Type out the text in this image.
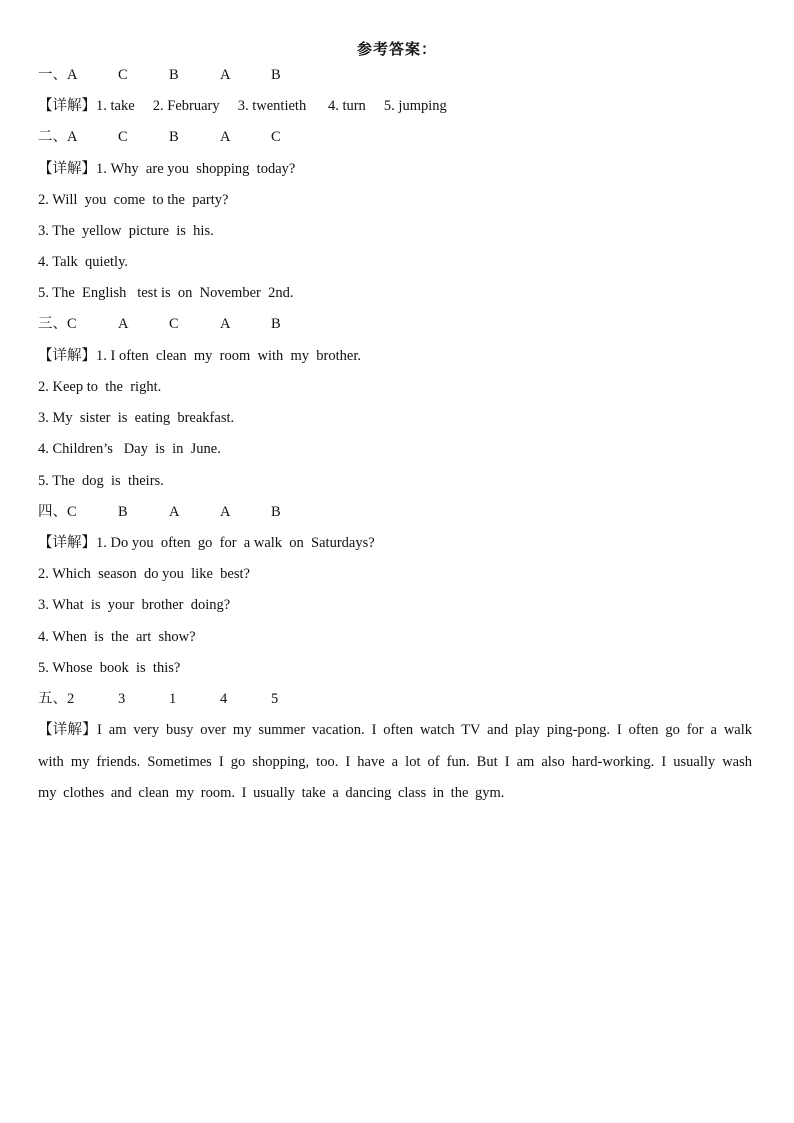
参考答案：
一、A	C	B	A	B
【详解】1. take     2. February     3. twentieth      4. turn     5. jumping
二、A	C	B	A	C
【详解】1. Why  are you  shopping  today?
2. Will  you  come  to the  party?
3. The  yellow  picture  is  his.
4. Talk  quietly.
5. The  English   test is  on  November  2nd.
三、C	A	C	A	B
【详解】1. I often  clean  my  room  with  my  brother.
2. Keep to  the  right.
3. My  sister  is  eating  breakfast.
4. Children’s   Day  is  in  June.
5. The  dog  is  theirs.
四、C	B	A	A	B
【详解】1. Do you  often  go  for  a walk  on  Saturdays?
2. Which  season  do you  like  best?
3. What  is  your  brother  doing?
4. When  is  the  art  show?
5. Whose  book  is  this?
五、2	3	1	4	5
【详解】I am very busy over my summer vacation. I often watch TV and play ping-pong. I often go for a walk with my friends. Sometimes I go shopping, too. I have a lot of fun. But I am also hard-working. I usually wash my clothes and clean my room. I usually take a dancing class in the gym.
